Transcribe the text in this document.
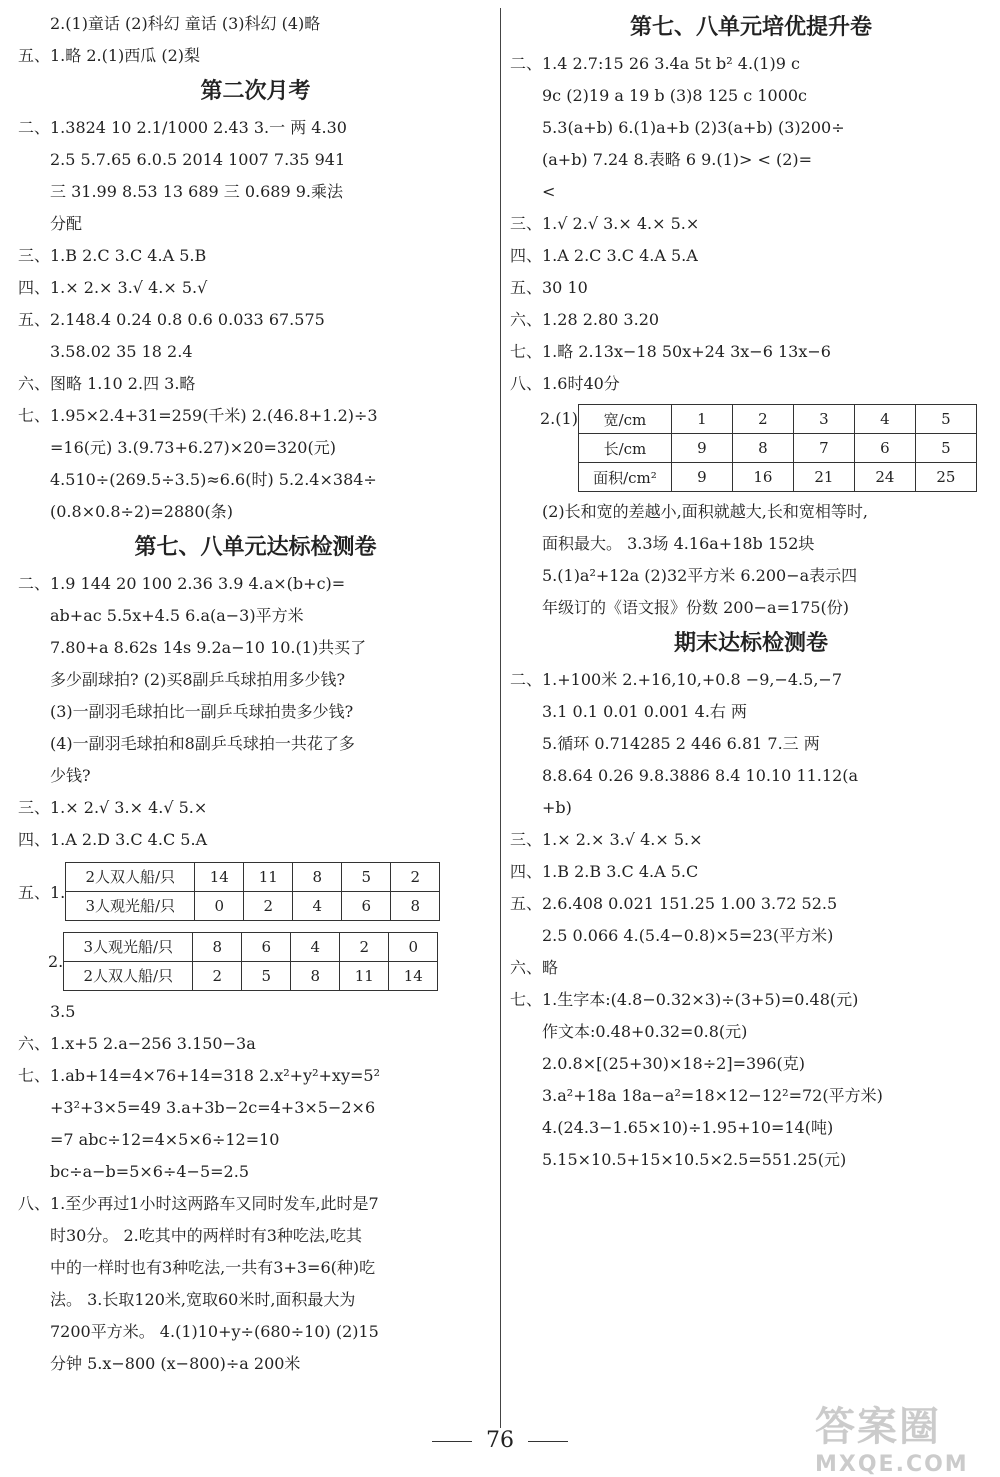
2.(1)童话 (2)科幻 童话 (3)科幻 (4)略
五、1.略 2.(1)西瓜 (2)梨
第二次月考
二、1.3824 10 2.1/1000 2.43 3.一 两 4.30
2.5 5.7.65 6.0.5 2014 1007 7.35 941
三 31.99 8.53 13 689 三 0.689 9.乘法
分配
三、1.B 2.C 3.C 4.A 5.B
四、1.× 2.× 3.√ 4.× 5.√
五、2.148.4 0.24 0.8 0.6 0.033 67.575
3.58.02 35 18 2.4
六、图略 1.10 2.四 3.略
七、1.95×2.4+31=259(千米) 2.(46.8+1.2)÷3
=16(元) 3.(9.73+6.27)×20=320(元)
4.510÷(269.5÷3.5)≈6.6(时) 5.2.4×384÷
(0.8×0.8÷2)=2880(条)
第七、八单元达标检测卷
二、1.9 144 20 100 2.36 3.9 4.a×(b+c)=
ab+ac 5.5x+4.5 6.a(a−3)平方米
7.80+a 8.62s 14s 9.2a−10 10.(1)共买了
多少副球拍? (2)买8副乒乓球拍用多少钱?
(3)一副羽毛球拍比一副乒乓球拍贵多少钱?
(4)一副羽毛球拍和8副乒乓球拍一共花了多
少钱?
三、1.× 2.√ 3.× 4.√ 5.×
四、1.A 2.D 3.C 4.C 5.A
五、1.
2人双人船/只	14	11	8	5	2
3人观光船/只	0	2	4	6	8
2.
3人观光船/只	8	6	4	2	0
2人双人船/只	2	5	8	11	14
3.5
六、1.x+5 2.a−256 3.150−3a
七、1.ab+14=4×76+14=318 2.x²+y²+xy=5²
+3²+3×5=49 3.a+3b−2c=4+3×5−2×6
=7 abc÷12=4×5×6÷12=10
bc÷a−b=5×6÷4−5=2.5
八、1.至少再过1小时这两路车又同时发车,此时是7
时30分。 2.吃其中的两样时有3种吃法,吃其
中的一样时也有3种吃法,一共有3+3=6(种)吃
法。 3.长取120米,宽取60米时,面积最大为
7200平方米。 4.(1)10+y÷(680÷10) (2)15
分钟 5.x−800 (x−800)÷a 200米
第七、八单元培优提升卷
二、1.4 2.7:15 26 3.4a 5t b² 4.(1)9 c
9c (2)19 a 19 b (3)8 125 c 1000c
5.3(a+b) 6.(1)a+b (2)3(a+b) (3)200÷
(a+b) 7.24 8.表略 6 9.(1)> < (2)=
<
三、1.√ 2.√ 3.× 4.× 5.×
四、1.A 2.C 3.C 4.A 5.A
五、30 10
六、1.28 2.80 3.20
七、1.略 2.13x−18 50x+24 3x−6 13x−6
八、1.6时40分
2.(1) 宽/cm	1	2	3	4	5
长/cm	9	8	7	6	5
面积/cm²	9	16	21	24	25
(2)长和宽的差越小,面积就越大,长和宽相等时,
面积最大。 3.3场 4.16a+18b 152块
5.(1)a²+12a (2)32平方米 6.200−a表示四
年级订的《语文报》份数 200−a=175(份)
期末达标检测卷
二、1.+100米 2.+16,10,+0.8 −9,−4.5,−7
3.1 0.1 0.01 0.001 4.右 两
5.循环 0.714285 2 446 6.81 7.三 两
8.8.64 0.26 9.8.3886 8.4 10.10 11.12(a
+b)
三、1.× 2.× 3.√ 4.× 5.×
四、1.B 2.B 3.C 4.A 5.C
五、2.6.408 0.021 151.25 1.00 3.72 52.5
2.5 0.066 4.(5.4−0.8)×5=23(平方米)
六、略
七、1.生字本:(4.8−0.32×3)÷(3+5)=0.48(元)
作文本:0.48+0.32=0.8(元)
2.0.8×[(25+30)×18÷2]=396(克)
3.a²+18a 18a−a²=18×12−12²=72(平方米)
4.(24.3−1.65×10)÷1.95+10=14(吨)
5.15×10.5+15×10.5×2.5=551.25(元)
76	答案圈
MXQE.COM
